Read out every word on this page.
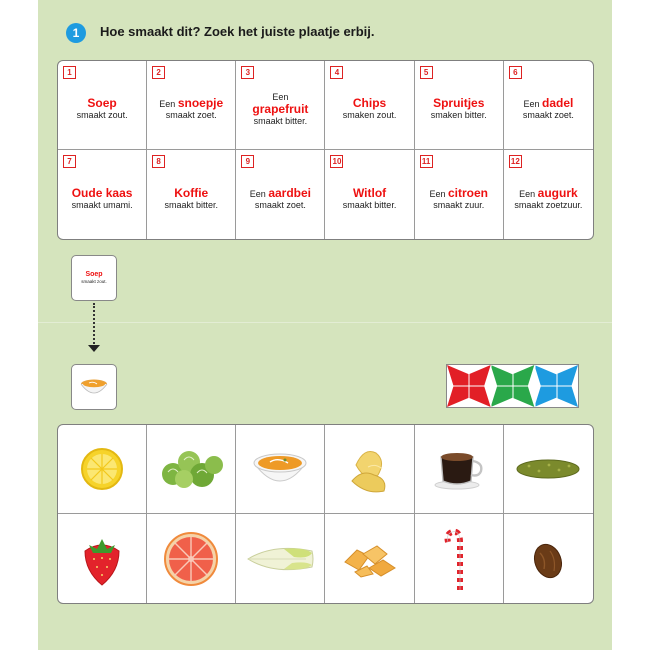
1	Hoe smaakt dit? Zoek het juiste plaatje erbij.
1
Soep
smaakt zout.
2
Een snoepje
smaakt zoet.
3
Een
grapefruit
smaakt bitter.
4
Chips
smaken zout.
5
Spruitjes
smaken bitter.
6
Een dadel
smaakt zoet.
7
Oude kaas
smaakt umami.
8
Koffie
smaakt bitter.
9
Een aardbei
smaakt zoet.
10
Witlof
smaakt bitter.
11
Een citroen
smaakt zuur.
12
Een augurk
smaakt zoetzuur.
Soep
smaakt zout.
